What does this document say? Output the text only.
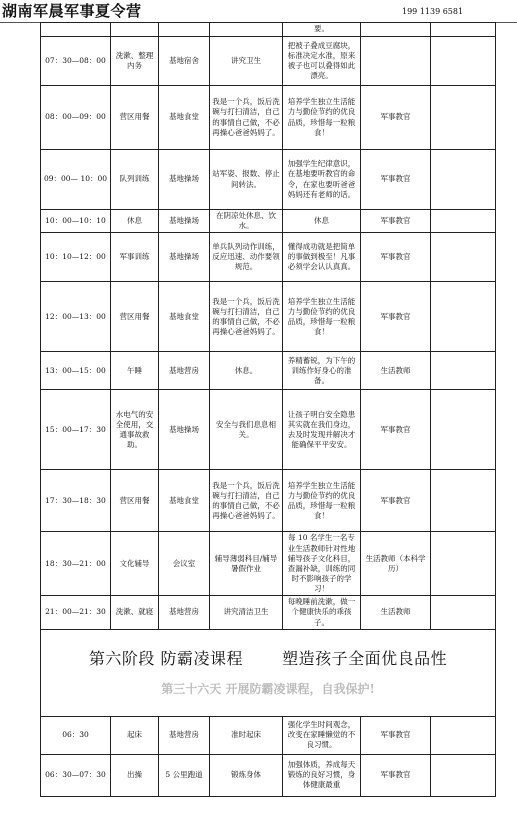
湖南军晨军事夏令营	199 1139 6581
				要。		
07：30—08：00	洗漱、整理内务	基地宿舍	讲究卫生	把被子叠成豆腐块，标准决定水准，原来被子也可以叠得如此漂亮。		
08：00—09：00	营区用餐	基地食堂	我是一个兵，饭后洗碗与打扫清洁，自己的事情自己做，不必再操心爸爸妈妈了。	培养学生独立生活能力与勤俭节约的优良品质，珍惜每一粒粮食！	军事教官	
09：00— 10：00	队列训练	基地操场	站军姿、报数、停止间转法。	加强学生纪律意识，在基地要听教官的命令，在家也要听爸爸妈妈还有老师的话。	军事教官	
10：00—10：10	休息	基地操场	在阴凉处休息、饮水。	休息	军事教官	
10：10—12：00	军事训练	基地操场	单兵队列动作训练，反应迅速、动作要领规范。	懂得成功就是把简单的事做到极至！凡事必须学会认认真真。	军事教官	
12：00—13：00	营区用餐	基地食堂	我是一个兵，饭后洗碗与打扫清洁，自己的事情自己做，不必再操心爸爸妈妈了。	培养学生独立生活能力与勤俭节约的优良品质，珍惜每一粒粮食！	军事教官	
13：00—15：00	午睡	基地营房	休息。	养精蓄锐，为下午的训练作好身心的准备。	生活教师	
15：00—17：30	水电气的安全使用，交通事故救助。	基地操场	安全与我们息息相关。	让孩子明白安全隐患其实就在我们身边，去及时发现并解决才能确保平平安安。	军事教官	
17：30—18：30	营区用餐	基地食堂	我是一个兵，饭后洗碗与打扫清洁，自己的事情自己做，不必再操心爸爸妈妈了。	培养学生独立生活能力与勤俭节约的优良品质，珍惜每一粒粮食！	军事教官	
18：30—21：00	文化辅导	会议室	辅导薄弱科目/辅导暑假作业	每 10 名学生一名专业生活教师针对性地辅导孩子文化科目，查漏补缺，训练的同时不影响孩子的学习！	生活教师（本科学历）	
21：00—21：30	洗漱、就寝	基地营房	讲究清洁卫生	每晚睡前洗漱，做一个健康快乐的乖孩子。	生活教师	

第六阶段 防霸凌课程 塑造孩子全面优良品性
第三十六天 开展防霸凌课程，自我保护!						

06：30	起床	基地营房	准时起床	强化学生时间观念，改变在家睡懒觉的不良习惯。	军事教官	
06：30—07：30	出操	5 公里跑道	锻炼身体	加强体质，养成每天锻炼的良好习惯，身体健康最重	军事教官	
